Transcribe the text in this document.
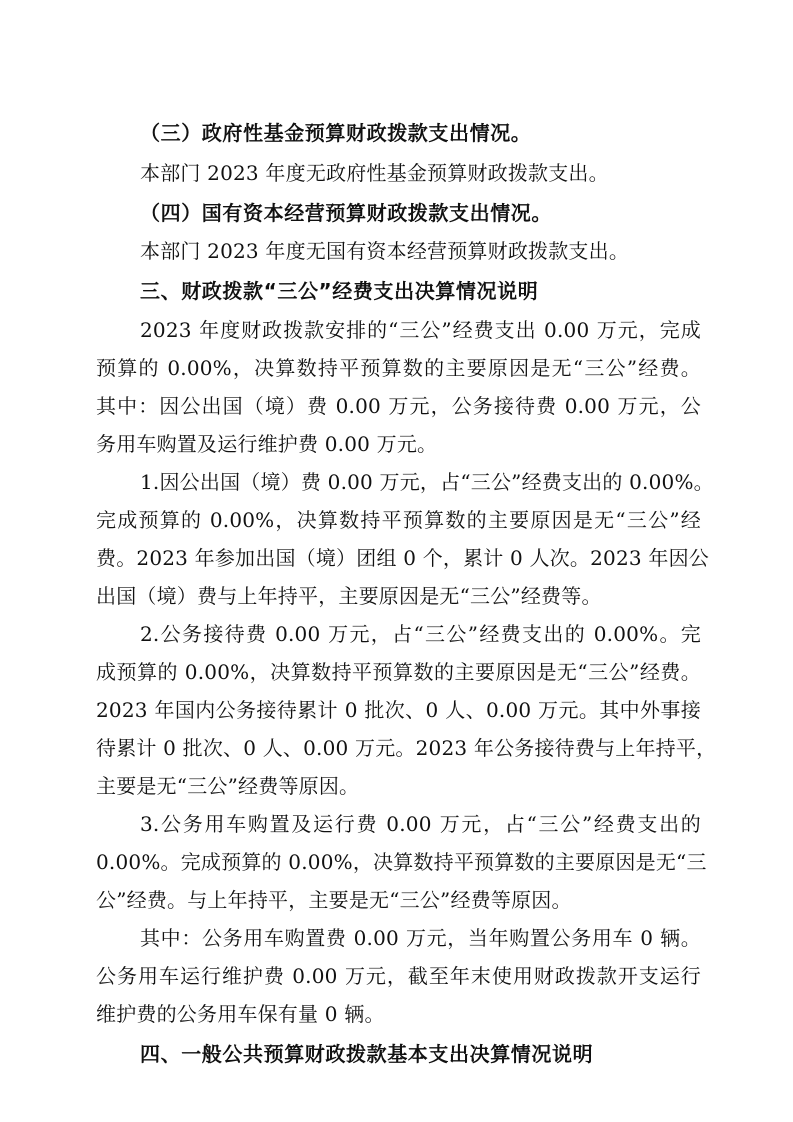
（三）政府性基金预算财政拨款支出情况。
本部门 2023 年度无政府性基金预算财政拨款支出。
（四）国有资本经营预算财政拨款支出情况。
本部门 2023 年度无国有资本经营预算财政拨款支出。
三、财政拨款“三公”经费支出决算情况说明
2023 年度财政拨款安排的“三公”经费支出 0.00 万元，完成
预算的 0.00%，决算数持平预算数的主要原因是无“三公”经费。
其中：因公出国（境）费 0.00 万元，公务接待费 0.00 万元，公
务用车购置及运行维护费 0.00 万元。
1.因公出国（境）费 0.00 万元，占“三公”经费支出的 0.00%。
完成预算的 0.00%，决算数持平预算数的主要原因是无“三公”经
费。2023 年参加出国（境）团组 0 个，累计 0 人次。2023 年因公
出国（境）费与上年持平，主要原因是无“三公”经费等。
2.公务接待费 0.00 万元，占“三公”经费支出的 0.00%。完
成预算的 0.00%，决算数持平预算数的主要原因是无“三公”经费。
2023 年国内公务接待累计 0 批次、0 人、0.00 万元。其中外事接
待累计 0 批次、0 人、0.00 万元。2023 年公务接待费与上年持平，
主要是无“三公”经费等原因。
3.公务用车购置及运行费 0.00 万元，占“三公”经费支出的
0.00%。完成预算的 0.00%，决算数持平预算数的主要原因是无“三
公”经费。与上年持平，主要是无“三公”经费等原因。
其中：公务用车购置费 0.00 万元，当年购置公务用车 0 辆。
公务用车运行维护费 0.00 万元，截至年末使用财政拨款开支运行
维护费的公务用车保有量 0 辆。
四、一般公共预算财政拨款基本支出决算情况说明
